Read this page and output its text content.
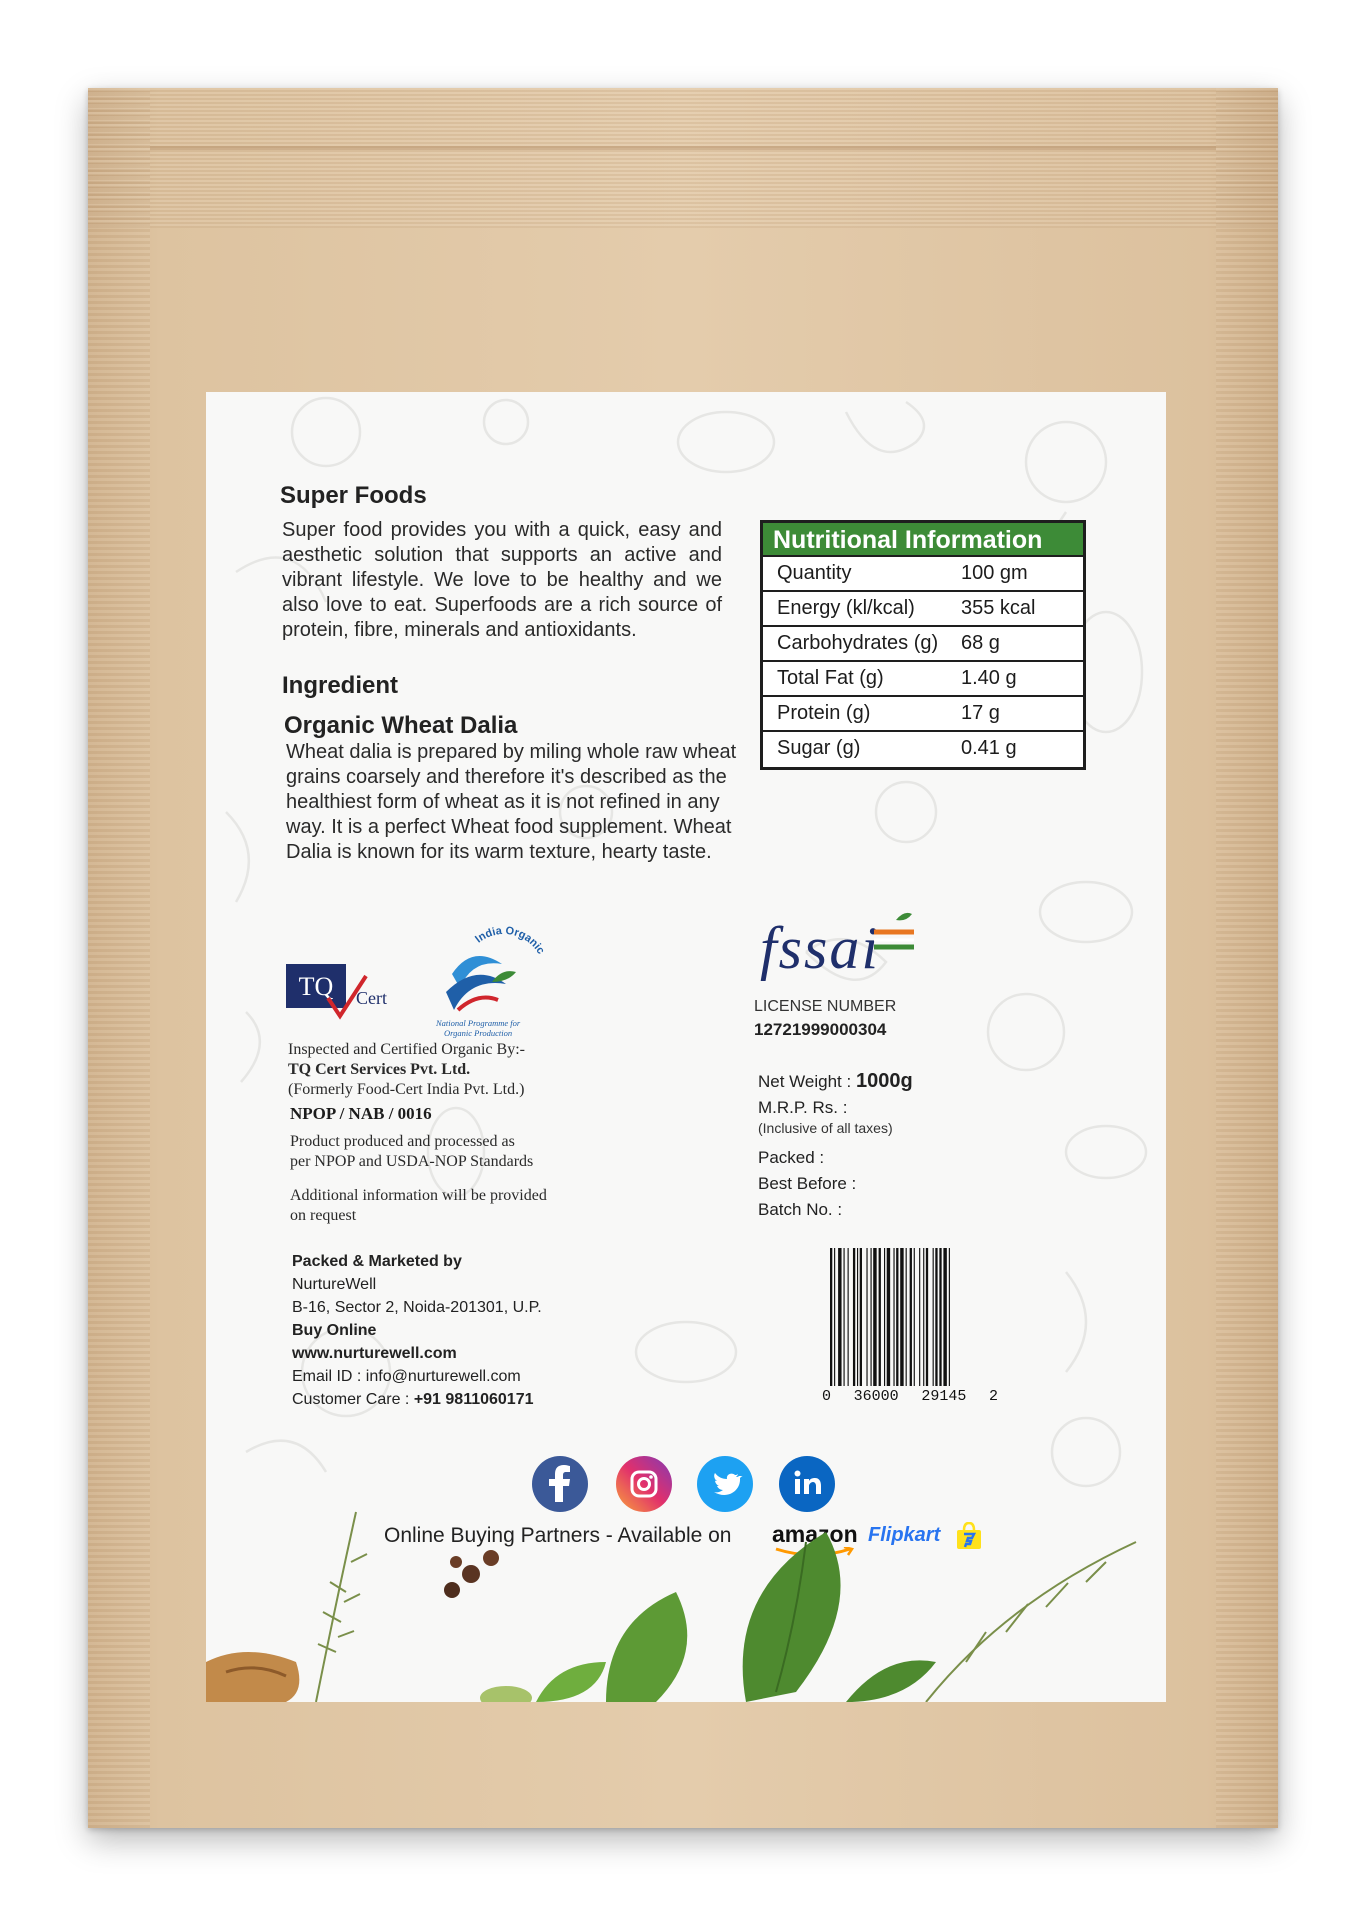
Super Foods
Super food provides you with a quick, easy and aesthetic solution that supports an active and vibrant lifestyle. We love to be healthy and we also love to eat. Superfoods are a rich source of protein, fibre, minerals and antioxidants.
Ingredient
Organic Wheat Dalia
Wheat dalia is prepared by miling whole raw wheat grains coarsely and therefore it's described as the healthiest form of wheat as it is not refined in any way. It is a perfect Wheat food supplement. Wheat Dalia is known for its warm texture, hearty taste.
Nutritional Information
Quantity	100 gm
Energy (kl/kcal)	355 kcal
Carbohydrates (g)	68 g
Total Fat (g)	1.40 g
Protein (g)	17 g
Sugar (g)	0.41 g
TQ Cert
India Organic
National Programme for
Organic Production
Inspected and Certified Organic By:-
TQ Cert Services Pvt. Ltd.
(Formerly Food-Cert India Pvt. Ltd.)
NPOP / NAB / 0016
Product produced and processed as
per NPOP and USDA-NOP Standards
Additional information will be provided
on request
Packed & Marketed by
NurtureWell
B-16, Sector 2, Noida-201301, U.P.
Buy Online
www.nurturewell.com
Email ID : info@nurturewell.com
Customer Care : +91 9811060171
fssai
LICENSE NUMBER
12721999000304
Net Weight : 1000g
M.R.P. Rs. :
(Inclusive of all taxes)
Packed :
Best Before :
Batch No. :
0 36000 29145 2
Online Buying Partners - Available on amazon Flipkart
